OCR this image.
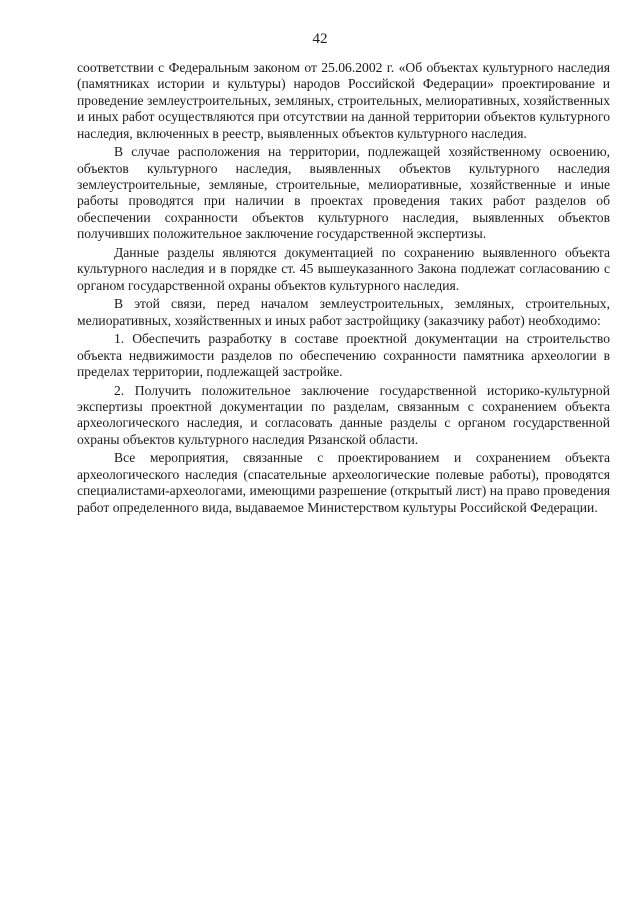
42

соответствии с Федеральным законом от 25.06.2002 г. «Об объектах культурного наследия (памятниках истории и культуры) народов Российской Федерации» проектирование и проведение землеустроительных, земляных, строительных, мелиоративных, хозяйственных и иных работ осуществляются при отсутствии на данной территории объектов культурного наследия, включенных в реестр, выявленных объектов культурного наследия.

В случае расположения на территории, подлежащей хозяйственному освоению, объектов культурного наследия, выявленных объектов культурного наследия землеустроительные, земляные, строительные, мелиоративные, хозяйственные и иные работы проводятся при наличии в проектах проведения таких работ разделов об обеспечении сохранности объектов культурного наследия, выявленных объектов получивших положительное заключение государственной экспертизы.

Данные разделы являются документацией по сохранению выявленного объекта культурного наследия и в порядке ст. 45 вышеуказанного Закона подлежат согласованию с органом государственной охраны объектов культурного наследия.

В этой связи, перед началом землеустроительных, земляных, строительных, мелиоративных, хозяйственных и иных работ застройщику (заказчику работ) необходимо:

1. Обеспечить разработку в составе проектной документации на строительство объекта недвижимости разделов по обеспечению сохранности памятника археологии в пределах территории, подлежащей застройке.

2. Получить положительное заключение государственной историко-культурной экспертизы проектной документации по разделам, связанным с сохранением объекта археологического наследия, и согласовать данные разделы с органом государственной охраны объектов культурного наследия Рязанской области.

Все мероприятия, связанные с проектированием и сохранением объекта археологического наследия (спасательные археологические полевые работы), проводятся специалистами-археологами, имеющими разрешение (открытый лист) на право проведения работ определенного вида, выдаваемое Министерством культуры Российской Федерации.
